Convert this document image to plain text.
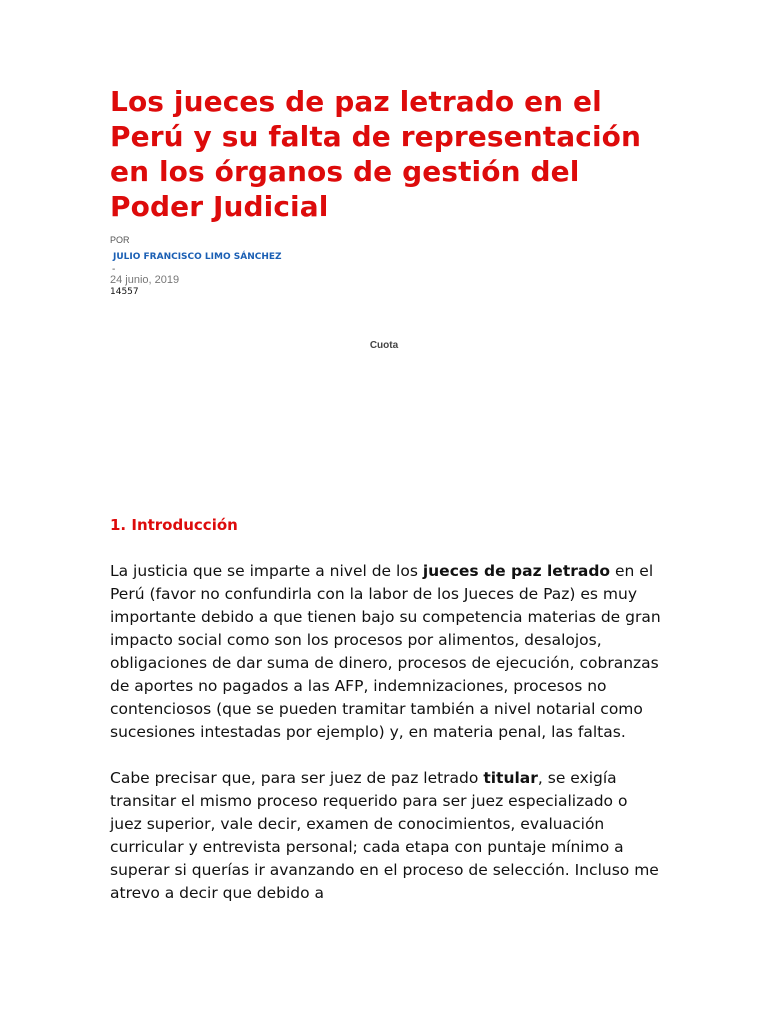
Los jueces de paz letrado en el Perú y su falta de representación en los órganos de gestión del Poder Judicial
POR
JULIO FRANCISCO LIMO SÁNCHEZ
-
24 junio, 2019
14557
Cuota
1. Introducción

La justicia que se imparte a nivel de los jueces de paz letrado en el Perú (favor no confundirla con la labor de los Jueces de Paz) es muy importante debido a que tienen bajo su competencia materias de gran impacto social como son los procesos por alimentos, desalojos, obligaciones de dar suma de dinero, procesos de ejecución, cobranzas de aportes no pagados a las AFP, indemnizaciones, procesos no contenciosos (que se pueden tramitar también a nivel notarial como sucesiones intestadas por ejemplo) y, en materia penal, las faltas.

Cabe precisar que, para ser juez de paz letrado titular, se exigía transitar el mismo proceso requerido para ser juez especializado o juez superior, vale decir, examen de conocimientos, evaluación curricular y entrevista personal; cada etapa con puntaje mínimo a superar si querías ir avanzando en el proceso de selección. Incluso me atrevo a decir que debido a
